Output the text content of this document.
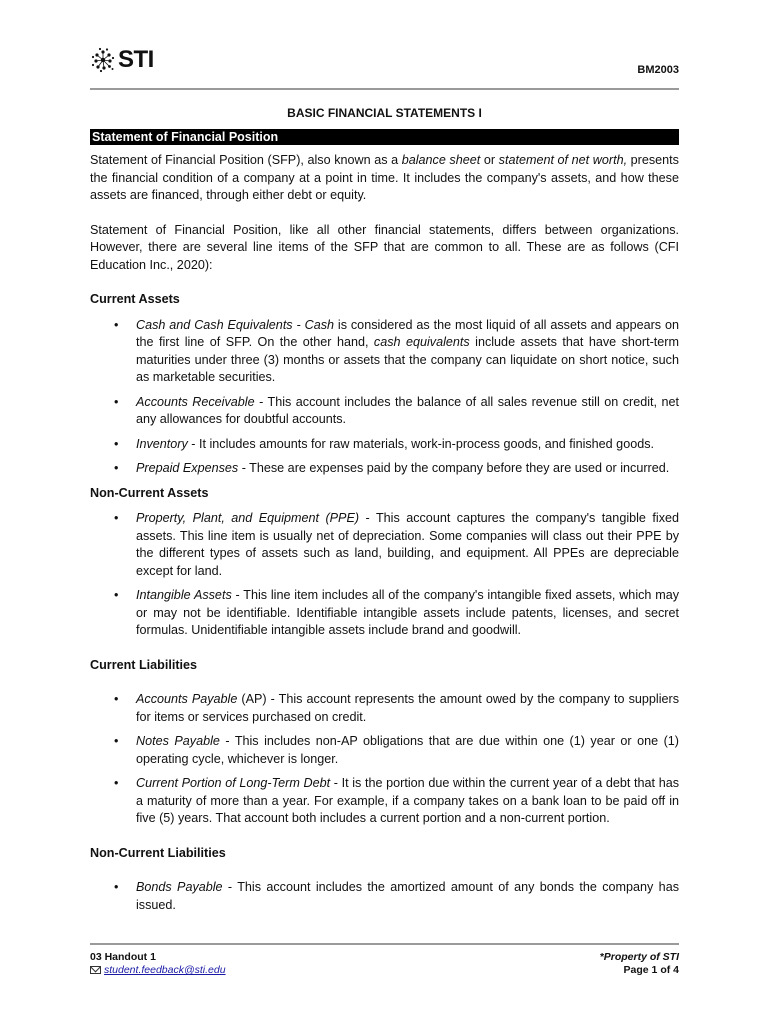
STI	BM2003
BASIC FINANCIAL STATEMENTS I
Statement of Financial Position

Statement of Financial Position (SFP), also known as a balance sheet or statement of net worth, presents the financial condition of a company at a point in time. It includes the company's assets, and how these assets are financed, through either debt or equity.

Statement of Financial Position, like all other financial statements, differs between organizations. However, there are several line items of the SFP that are common to all. These are as follows (CFI Education Inc., 2020):

Current Assets

• Cash and Cash Equivalents - Cash is considered as the most liquid of all assets and appears on the first line of SFP. On the other hand, cash equivalents include assets that have short-term maturities under three (3) months or assets that the company can liquidate on short notice, such as marketable securities.
• Accounts Receivable - This account includes the balance of all sales revenue still on credit, net any allowances for doubtful accounts.
• Inventory - It includes amounts for raw materials, work-in-process goods, and finished goods.
• Prepaid Expenses - These are expenses paid by the company before they are used or incurred.

Non-Current Assets

• Property, Plant, and Equipment (PPE) - This account captures the company's tangible fixed assets. This line item is usually net of depreciation. Some companies will class out their PPE by the different types of assets such as land, building, and equipment. All PPEs are depreciable except for land.
• Intangible Assets - This line item includes all of the company's intangible fixed assets, which may or may not be identifiable. Identifiable intangible assets include patents, licenses, and secret formulas. Unidentifiable intangible assets include brand and goodwill.

Current Liabilities

• Accounts Payable (AP) - This account represents the amount owed by the company to suppliers for items or services purchased on credit.
• Notes Payable - This includes non-AP obligations that are due within one (1) year or one (1) operating cycle, whichever is longer.
• Current Portion of Long-Term Debt - It is the portion due within the current year of a debt that has a maturity of more than a year. For example, if a company takes on a bank loan to be paid off in five (5) years. That account both includes a current portion and a non-current portion.

Non-Current Liabilities

• Bonds Payable - This account includes the amortized amount of any bonds the company has issued.
03 Handout 1
student.feedback@sti.edu
*Property of STI
Page 1 of 4
